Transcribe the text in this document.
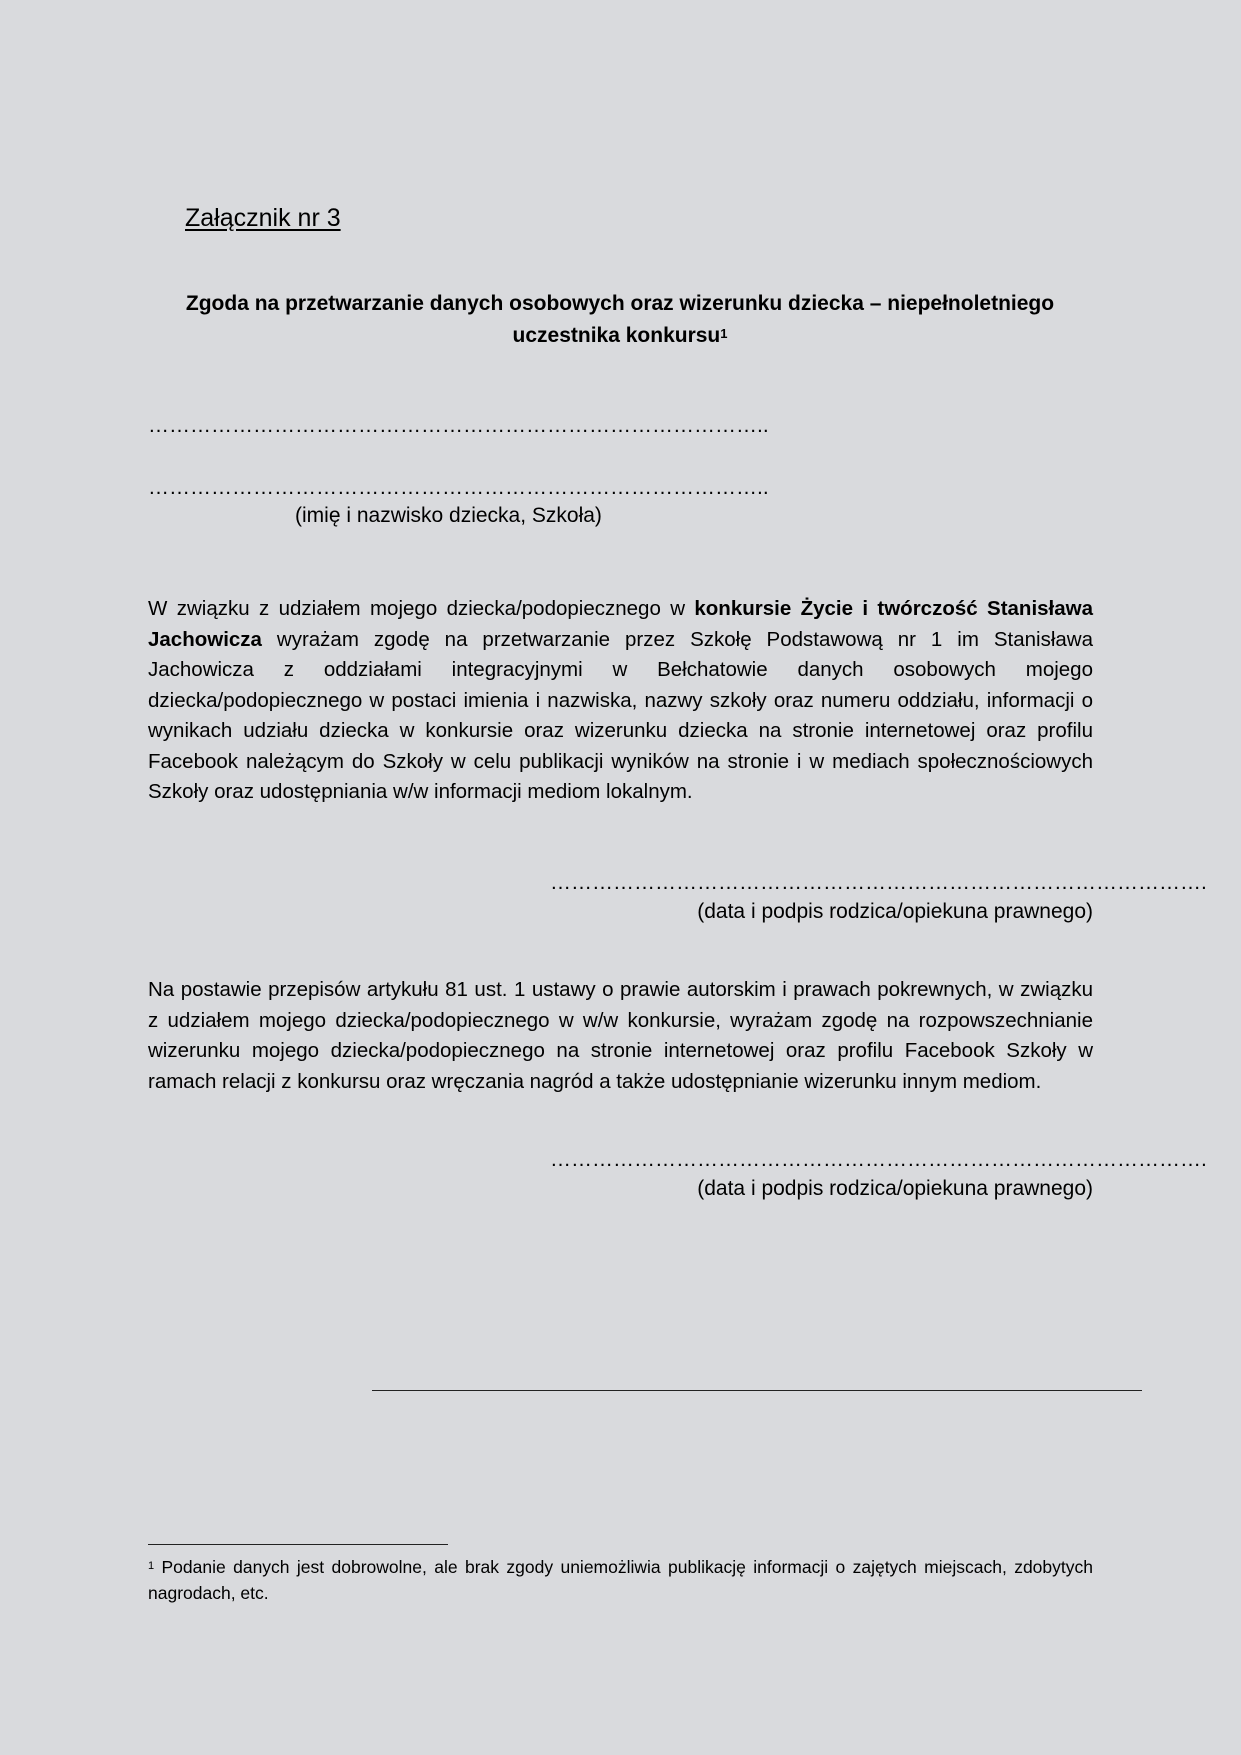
Załącznik nr 3
Zgoda na przetwarzanie danych osobowych oraz wizerunku dziecka – niepełnoletniego uczestnika konkursu$^1$
……………………………………………………………………………..
……………………………………………………………………………..
(imię i nazwisko dziecka, Szkoła)
W związku z udziałem mojego dziecka/podopiecznego w konkursie Życie i twórczość Stanisława Jachowicza wyrażam zgodę na przetwarzanie przez Szkołę Podstawową nr 1 im Stanisława Jachowicza z oddziałami integracyjnymi w Bełchatowie danych osobowych mojego dziecka/podopiecznego w postaci imienia i nazwiska, nazwy szkoły oraz numeru oddziału, informacji o wynikach udziału dziecka w konkursie oraz wizerunku dziecka na stronie internetowej oraz profilu Facebook należącym do Szkoły w celu publikacji wyników na stronie i w mediach społecznościowych Szkoły oraz udostępniania w/w informacji mediom lokalnym.
………………………………………………………………………………….
(data i podpis rodzica/opiekuna prawnego)
Na postawie przepisów artykułu 81 ust. 1 ustawy o prawie autorskim i prawach pokrewnych, w związku z udziałem mojego dziecka/podopiecznego w w/w konkursie, wyrażam zgodę na rozpowszechnianie wizerunku mojego dziecka/podopiecznego na stronie internetowej oraz profilu Facebook Szkoły w ramach relacji z konkursu oraz wręczania nagród a także udostępnianie wizerunku innym mediom.
………………………………………………………………………………….
(data i podpis rodzica/opiekuna prawnego)
$^1$ Podanie danych jest dobrowolne, ale brak zgody uniemożliwia publikację informacji o zajętych miejscach, zdobytych nagrodach, etc.
